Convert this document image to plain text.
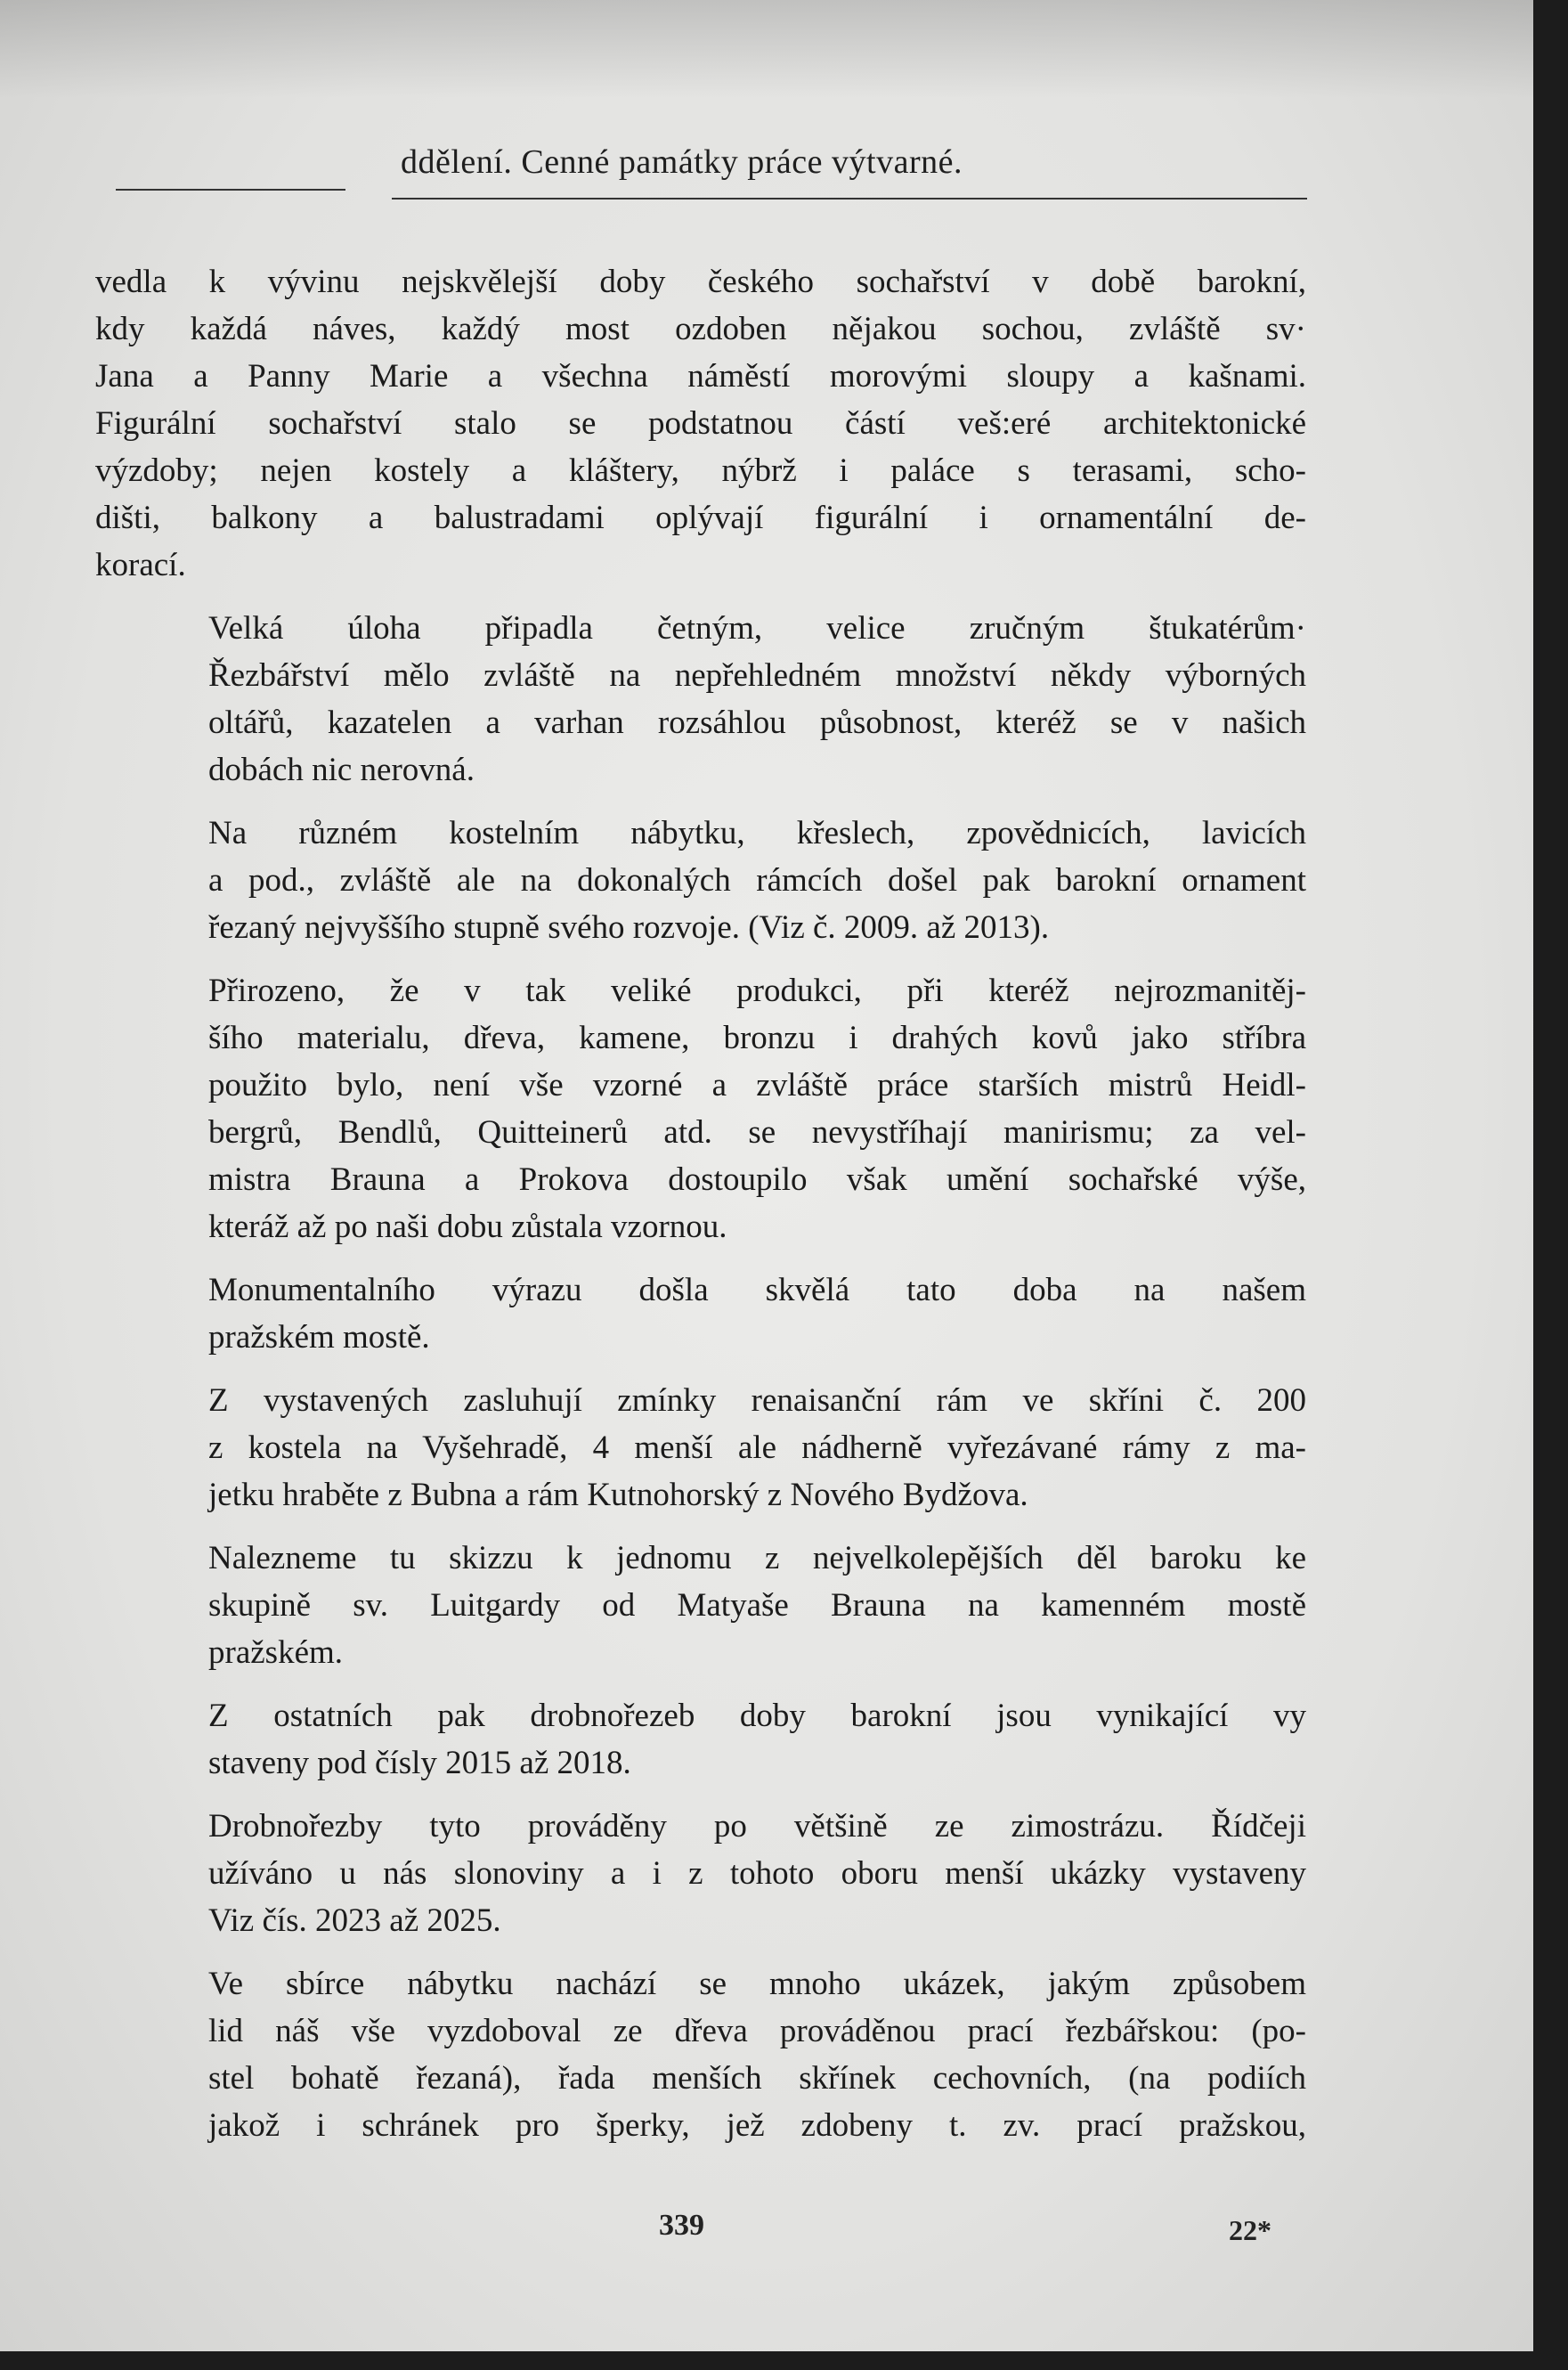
ddělení. Cenné památky práce výtvarné.
vedla k vývinu nejskvělejší doby českého sochařství v době barokní,
kdy každá náves, každý most ozdoben nějakou sochou, zvláště sv·
Jana a Panny Marie a všechna náměstí morovými sloupy a kašnami.
Figurální sochařství stalo se podstatnou částí veš:eré architektonické
výzdoby; nejen kostely a kláštery, nýbrž i paláce s terasami, scho-
dišti, balkony a balustradami oplývají figurální i ornamentální de-
korací.
Velká úloha připadla četným, velice zručným štukatérům·
Řezbářství mělo zvláště na nepřehledném množství někdy výborných
oltářů, kazatelen a varhan rozsáhlou působnost, kteréž se v našich
dobách nic nerovná.
Na různém kostelním nábytku, křeslech, zpovědnicích, lavicích
a pod., zvláště ale na dokonalých rámcích došel pak barokní ornament
řezaný nejvyššího stupně svého rozvoje. (Viz č. 2009. až 2013).
Přirozeno, že v tak veliké produkci, při kteréž nejrozmanitěj-
šího materialu, dřeva, kamene, bronzu i drahých kovů jako stříbra
použito bylo, není vše vzorné a zvláště práce starších mistrů Heidl-
bergrů, Bendlů, Quitteinerů atd. se nevystříhají manirismu; za vel-
mistra Brauna a Prokova dostoupilo však umění sochařské výše,
kteráž až po naši dobu zůstala vzornou.
Monumentalního výrazu došla skvělá tato doba na našem
pražském mostě.
Z vystavených zasluhují zmínky renaisanční rám ve skříni č. 200
z kostela na Vyšehradě, 4 menší ale nádherně vyřezávané rámy z ma-
jetku hraběte z Bubna a rám Kutnohorský z Nového Bydžova.
Nalezneme tu skizzu k jednomu z nejvelkolepějších děl baroku ke
skupině sv. Luitgardy od Matyaše Brauna na kamenném mostě
pražském.
Z ostatních pak drobnořezeb doby barokní jsou vynikající vy
staveny pod čísly 2015 až 2018.
Drobnořezby tyto prováděny po většině ze zimostrázu. Řídčeji
užíváno u nás slonoviny a i z tohoto oboru menší ukázky vystaveny
Viz čís. 2023 až 2025.
Ve sbírce nábytku nachází se mnoho ukázek, jakým způsobem
lid náš vše vyzdoboval ze dřeva prováděnou prací řezbářskou: (po-
stel bohatě řezaná), řada menších skřínek cechovních, (na podiích
jakož i schránek pro šperky, jež zdobeny t. zv. prací pražskou,
339	22*
